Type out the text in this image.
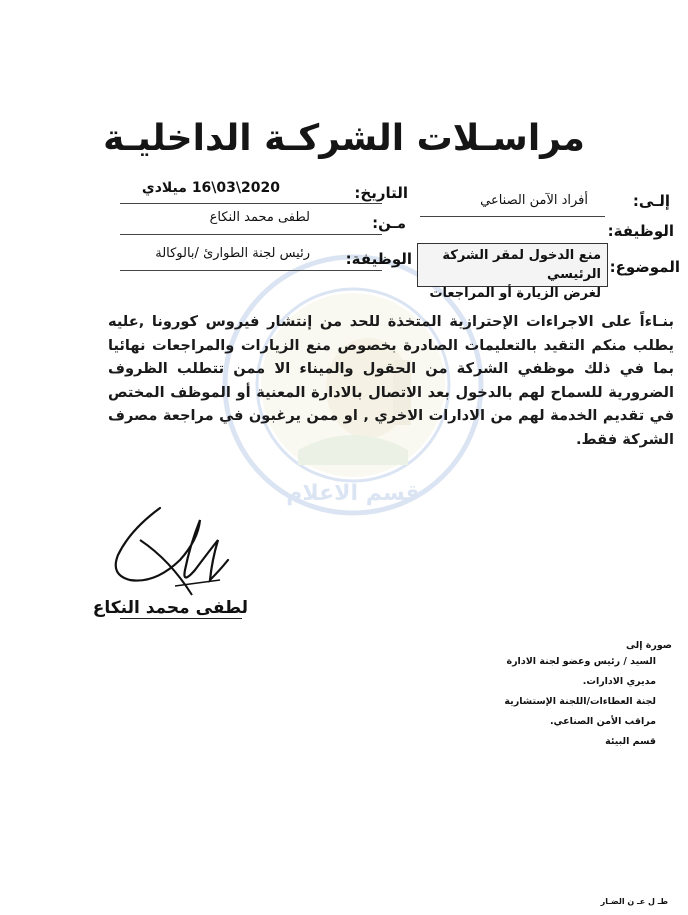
قسم الاعلام
مراسـلات الشركـة الداخليـة
إلـى:
أفراد الآمن الصناعي
الوظيفة:
الموضوع:
منع الدخول لمقر الشركة الرئيسي
لغرض الزيارة أو المراجعات
التاريخ:
2020\03\16 ميلادي
مـن:
لطفى محمد النكاع
الوظيفة:
رئيس لجنة الطوارئ /بالوكالة
بنـاءاً على الاجراءات الإحترازية المتخذة للحد من إنتشار فيروس كورونا ,عليه يطلب منكم التقيد بالتعليمات الصادرة بخصوص منع الزيارات والمراجعات نهائيا بما في ذلك موظفي الشركة من الحقول والميناء الا ممن تتطلب الظروف الضرورية للسماح لهم بالدخول بعد الاتصال بالادارة المعنية أو الموظف المختص في تقديم الخدمة لهم من الادارات الاخري , او ممن يرغبون في مراجعة مصرف الشركة فقط.
لطفى محمد النكاع
صورة إلى
السيد / رئيس وعضو لجنة الادارة
مديري الادارات.
لجنة العطاءات/اللجنة الإستشارية
مراقب الأمن الصناعي.
قسم البيئة
طـ ل عـ ن الضـار
